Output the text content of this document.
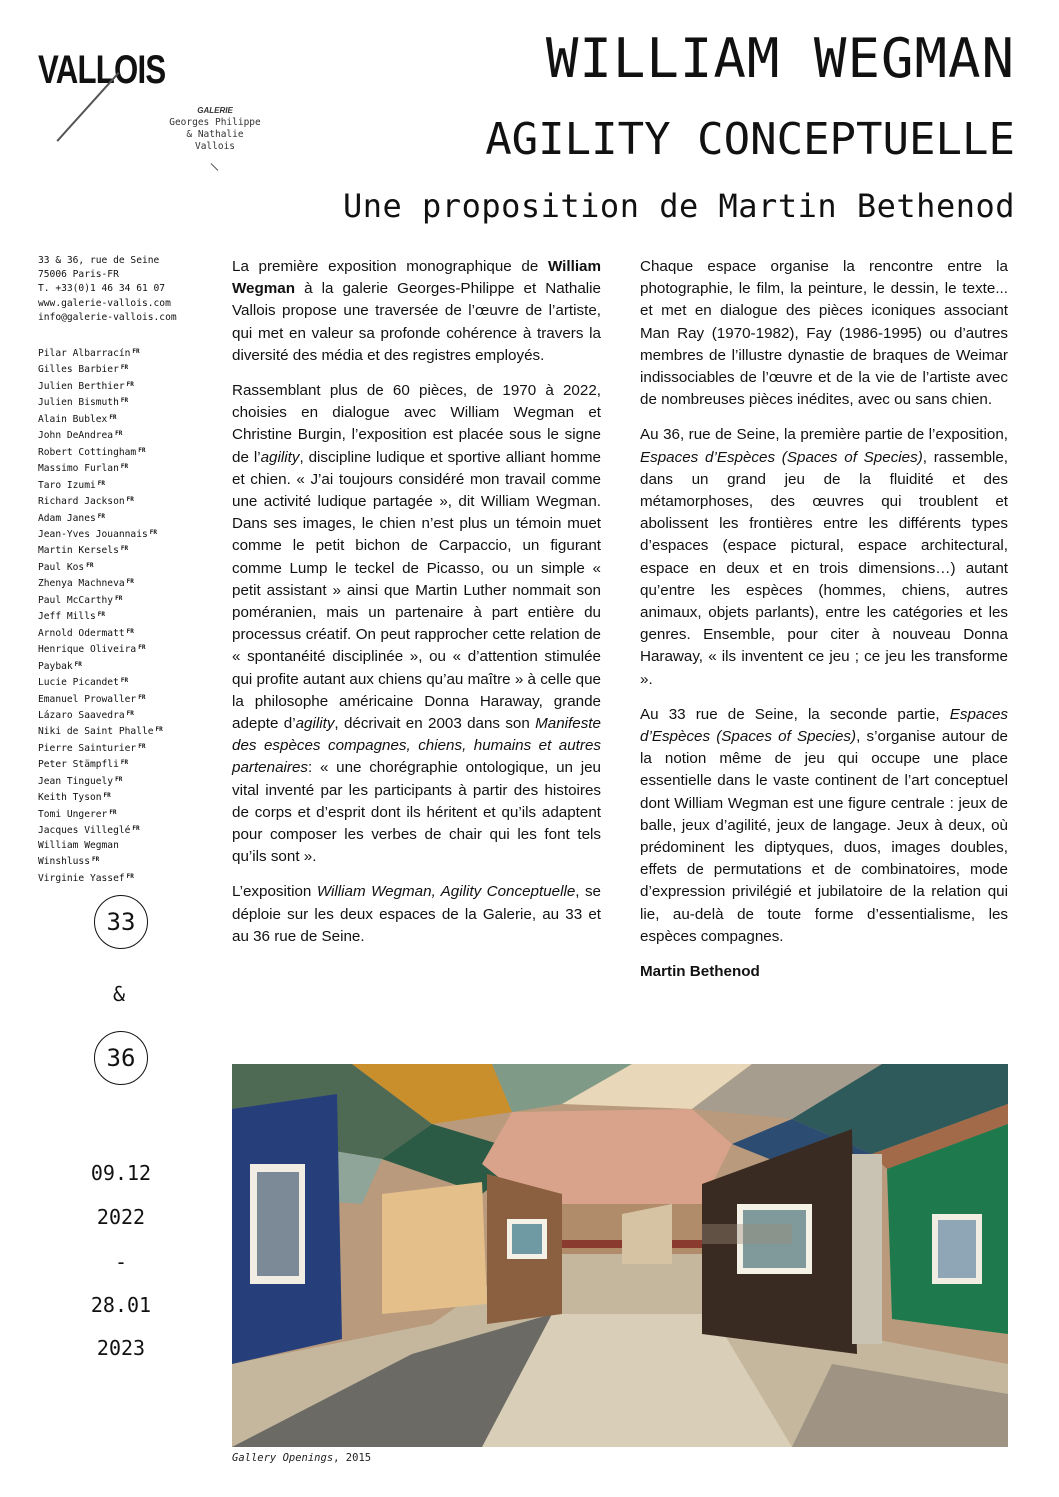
VALLOIS
GALERIE
Georges Philippe
& Nathalie
Vallois
WILLIAM WEGMAN
AGILITY CONCEPTUELLE
Une proposition de Martin Bethenod
33 & 36, rue de Seine
75006 Paris-FR
T. +33(0)1 46 34 61 07
www.galerie-vallois.com
info@galerie-vallois.com
Pilar Albarracín $^{FR}$
Gilles Barbier $^{FR}$
Julien Berthier $^{FR}$
Julien Bismuth $^{FR}$
Alain Bublex $^{FR}$
John DeAndrea $^{FR}$
Robert Cottingham $^{FR}$
Massimo Furlan $^{FR}$
Taro Izumi $^{FR}$
Richard Jackson $^{FR}$
Adam Janes $^{FR}$
Jean-Yves Jouannais $^{FR}$
Martin Kersels $^{FR}$
Paul Kos $^{FR}$
Zhenya Machneva $^{FR}$
Paul McCarthy $^{FR}$
Jeff Mills $^{FR}$
Arnold Odermatt $^{FR}$
Henrique Oliveira $^{FR}$
Paybak $^{FR}$
Lucie Picandet $^{FR}$
Emanuel Prowaller $^{FR}$
Lázaro Saavedra $^{FR}$
Niki de Saint Phalle $^{FR}$
Pierre Sainturier $^{FR}$
Peter Stämpfli $^{FR}$
Jean Tinguely $^{FR}$
Keith Tyson $^{FR}$
Tomi Ungerer $^{FR}$
Jacques Villeglé $^{FR}$
William Wegman
Winshluss $^{FR}$
Virginie Yassef $^{FR}$
33
&
36
09.12
2022
-
28.01
2023

La première exposition monographique de William Wegman à la galerie Georges-Philippe et Nathalie Vallois propose une traversée de l’œuvre de l’artiste, qui met en valeur sa profonde cohérence à travers la diversité des média et des registres employés.

Rassemblant plus de 60 pièces, de 1970 à 2022, choisies en dialogue avec William Wegman et Christine Burgin, l’exposition est placée sous le signe de l’agility, discipline ludique et sportive alliant homme et chien. « J’ai toujours considéré mon travail comme une activité ludique partagée », dit William Wegman. Dans ses images, le chien n’est plus un témoin muet comme le petit bichon de Carpaccio, un figurant comme Lump le teckel de Picasso, ou un simple « petit assistant » ainsi que Martin Luther nommait son poméranien, mais un partenaire à part entière du processus créatif. On peut rapprocher cette relation de « spontanéité disciplinée », ou « d’attention stimulée qui profite autant aux chiens qu’au maître » à celle que la philosophe américaine Donna Haraway, grande adepte d’agility, décrivait en 2003 dans son Manifeste des espèces compagnes, chiens, humains et autres partenaires: « une chorégraphie ontologique, un jeu vital inventé par les participants à partir des histoires de corps et d’esprit dont ils héritent et qu’ils adaptent pour composer les verbes de chair qui les font tels qu’ils sont ».

L’exposition William Wegman, Agility Conceptuelle, se déploie sur les deux espaces de la Galerie, au 33 et au 36 rue de Seine.

Chaque espace organise la rencontre entre la photographie, le film, la peinture, le dessin, le texte... et met en dialogue des pièces iconiques associant Man Ray (1970-1982), Fay (1986-1995) ou d’autres membres de l’illustre dynastie de braques de Weimar indissociables de l’œuvre et de la vie de l’artiste avec de nombreuses pièces inédites, avec ou sans chien.

Au 36, rue de Seine, la première partie de l’exposition, Espaces d’Espèces (Spaces of Species), rassemble, dans un grand jeu de la fluidité et des métamorphoses, des œuvres qui troublent et abolissent les frontières entre les différents types d’espaces (espace pictural, espace architectural, espace en deux et en trois dimensions…) autant qu’entre les espèces (hommes, chiens, autres animaux, objets parlants), entre les catégories et les genres. Ensemble, pour citer à nouveau Donna Haraway, « ils inventent ce jeu ; ce jeu les transforme ».

Au 33 rue de Seine, la seconde partie, Espaces d’Espèces (Spaces of Species), s’organise autour de la notion même de jeu qui occupe une place essentielle dans le vaste continent de l’art conceptuel dont William Wegman est une figure centrale : jeux de balle, jeux d’agilité, jeux de langage. Jeux à deux, où prédominent les diptyques, duos, images doubles, effets de permutations et de combinatoires, mode d’expression privilégié et jubilatoire de la relation qui lie, au-delà de toute forme d’essentialisme, les espèces compagnes.

Martin Bethenod

Gallery Openings, 2015
